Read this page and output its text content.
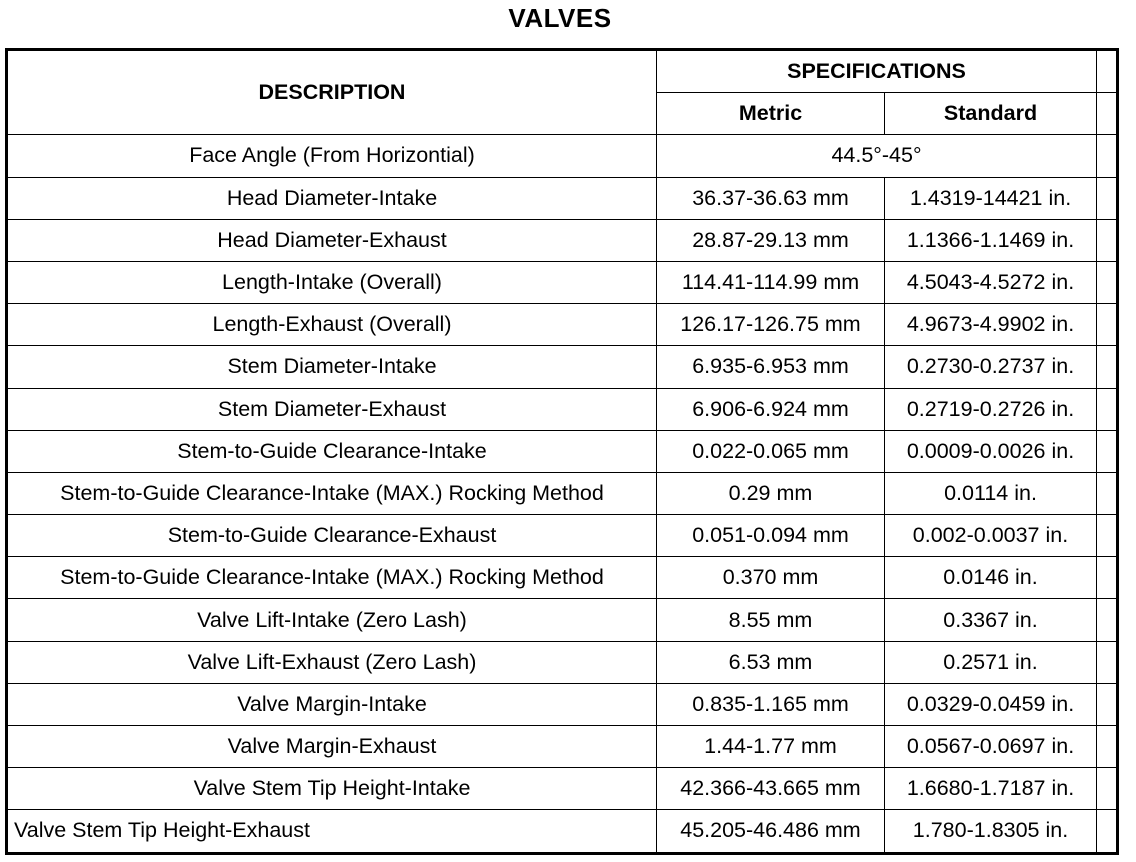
VALVES
DESCRIPTION	SPECIFICATIONS		
	Metric	Standard	
Face Angle (From Horizontial)	44.5°-45°		
Head Diameter-Intake	36.37-36.63 mm	1.4319-14421 in.	
Head Diameter-Exhaust	28.87-29.13 mm	1.1366-1.1469 in.	
Length-Intake (Overall)	114.41-114.99 mm	4.5043-4.5272 in.	
Length-Exhaust (Overall)	126.17-126.75 mm	4.9673-4.9902 in.	
Stem Diameter-Intake	6.935-6.953 mm	0.2730-0.2737 in.	
Stem Diameter-Exhaust	6.906-6.924 mm	0.2719-0.2726 in.	
Stem-to-Guide Clearance-Intake	0.022-0.065 mm	0.0009-0.0026 in.	
Stem-to-Guide Clearance-Intake (MAX.) Rocking Method	0.29 mm	0.0114 in.	
Stem-to-Guide Clearance-Exhaust	0.051-0.094 mm	0.002-0.0037 in.	
Stem-to-Guide Clearance-Intake (MAX.) Rocking Method	0.370 mm	0.0146 in.	
Valve Lift-Intake (Zero Lash)	8.55 mm	0.3367 in.	
Valve Lift-Exhaust (Zero Lash)	6.53 mm	0.2571 in.	
Valve Margin-Intake	0.835-1.165 mm	0.0329-0.0459 in.	
Valve Margin-Exhaust	1.44-1.77 mm	0.0567-0.0697 in.	
Valve Stem Tip Height-Intake	42.366-43.665 mm	1.6680-1.7187 in.	
Valve Stem Tip Height-Exhaust	45.205-46.486 mm	1.780-1.8305 in.	
